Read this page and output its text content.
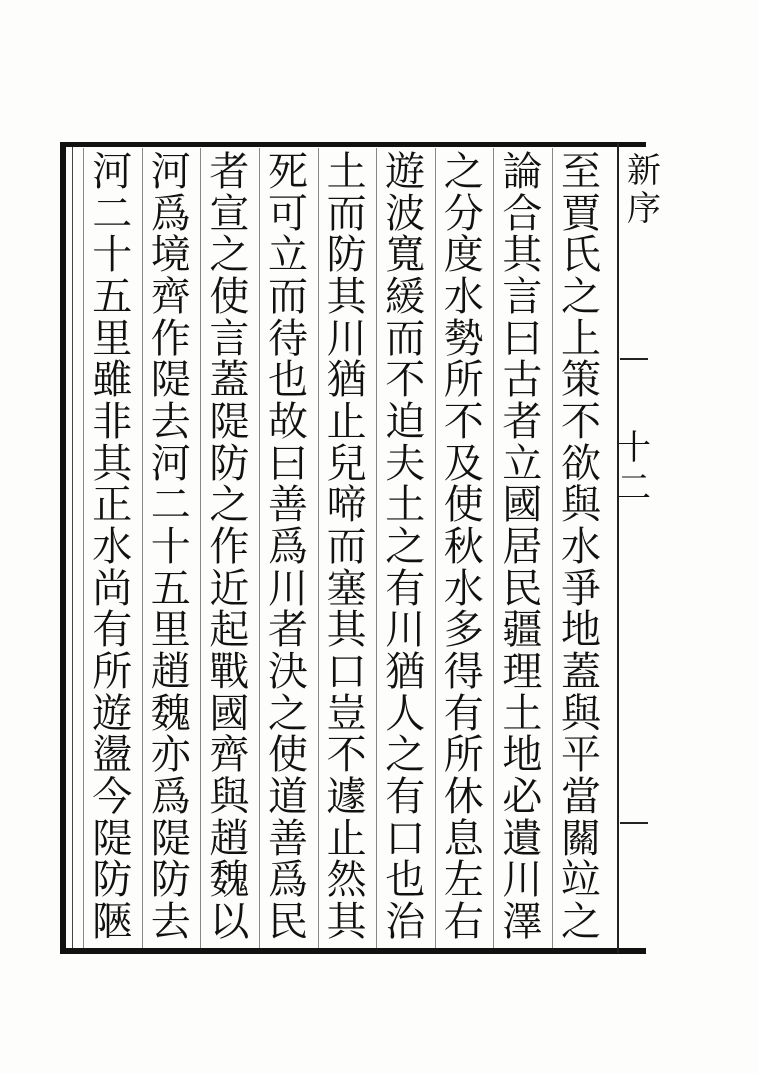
新
序
十
二
至
賈
氏
之
上
策
不
欲
與
水
爭
地
蓋
與
平
當
關
竝
之
論
合
其
言
曰
古
者
立
國
居
民
疆
理
土
地
必
遺
川
澤
之
分
度
水
勢
所
不
及
使
秋
水
多
得
有
所
休
息
左
右
遊
波
寬
緩
而
不
迫
夫
土
之
有
川
猶
人
之
有
口
也
治
土
而
防
其
川
猶
止
兒
啼
而
塞
其
口
豈
不
遽
止
然
其
死
可
立
而
待
也
故
曰
善
爲
川
者
決
之
使
道
善
爲
民
者
宣
之
使
言
蓋
隄
防
之
作
近
起
戰
國
齊
與
趙
魏
以
河
爲
境
齊
作
隄
去
河
二
十
五
里
趙
魏
亦
爲
隄
防
去
河
二
十
五
里
雖
非
其
正
水
尚
有
所
遊
盪
今
隄
防
陿
